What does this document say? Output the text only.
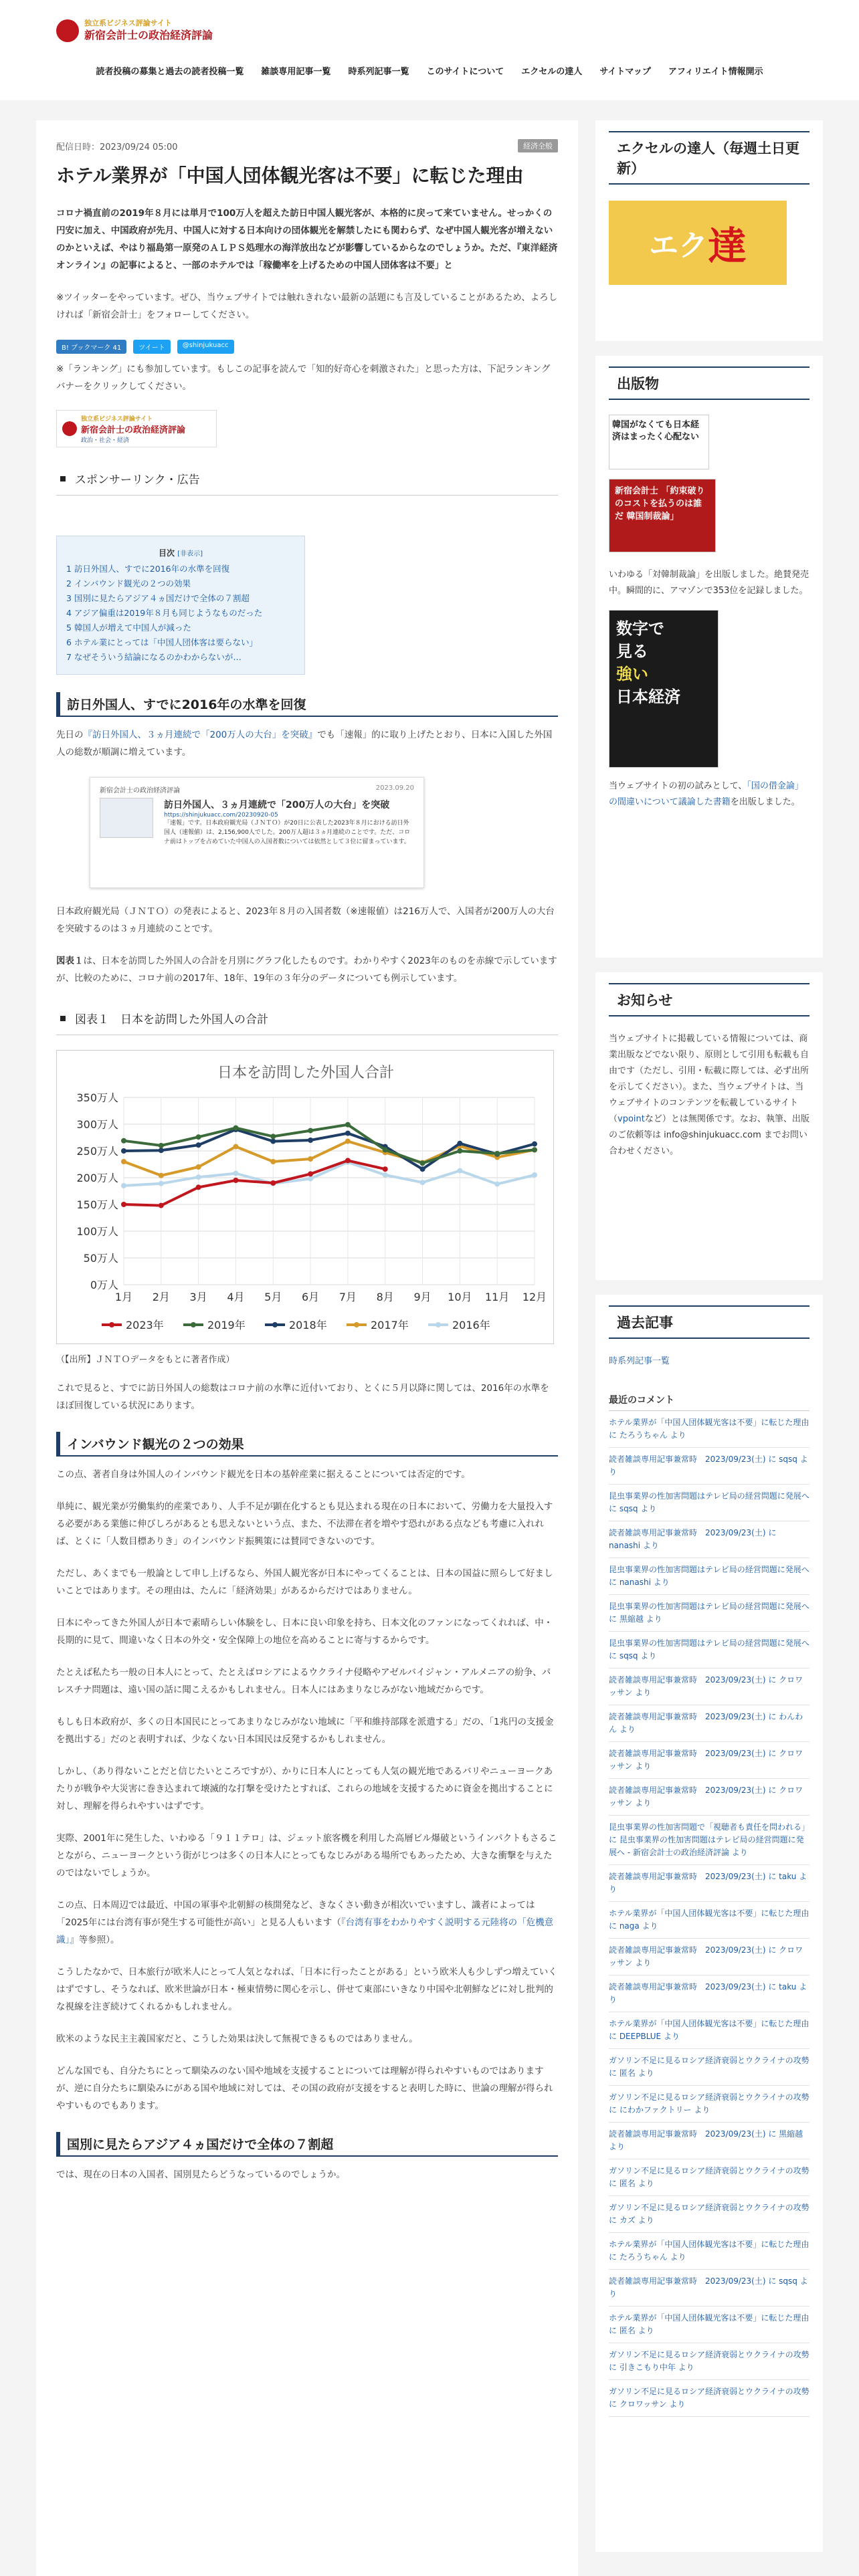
独立系ビジネス評論サイト
新宿会計士の政治経済評論
読者投稿の募集と過去の読者投稿一覧 雑談専用記事一覧 時系列記事一覧 このサイトについて エクセルの達人 サイトマップ アフィリエイト情報開示
配信日時：2023/09/24 05:00	経済全般
ホテル業界が「中国人団体観光客は不要」に転じた理由

コロナ禍直前の2019年８月には単月で100万人を超えた訪日中国人観光客が、本格的に戻って来ていません。せっかくの円安に加え、中国政府が先月、中国人に対する日本向けの団体観光を解禁したにも関わらず、なぜ中国人観光客が増えないのかといえば、やはり福島第一原発のＡＬＰＳ処理水の海洋放出などが影響しているからなのでしょうか。ただ、『東洋経済オンライン』の記事によると、一部のホテルでは「稼働率を上げるための中国人団体客は不要」と

※ツイッターをやっています。ぜひ、当ウェブサイトでは触れきれない最新の話題にも言及していることがあるため、よろしければ「新宿会計士」をフォローしてください。

B! ブックマーク 41	ツイート	@shinjukuacc

※「ランキング」にも参加しています。もしこの記事を読んで「知的好奇心を刺激された」と思った方は、下記ランキングバナーをクリックしてください。

独立系ビジネス評論サイト
新宿会計士の政治経済評論
政治・社会・経済
スポンサーリンク・広告
目次 [非表示]
1 訪日外国人、すでに2016年の水準を回復
2 インバウンド観光の２つの効果
3 国別に見たらアジア４ヵ国だけで全体の７割超
4 アジア偏重は2019年８月も同じようなものだった
5 韓国人が増えて中国人が減った
6 ホテル業にとっては「中国人団体客は要らない」
7 なぜそういう結論になるのかわからないが…
訪日外国人、すでに2016年の水準を回復

先日の『訪日外国人、３ヵ月連続で「200万人の大台」を突破』でも「速報」的に取り上げたとおり、日本に入国した外国人の総数が順調に増えています。

新宿会計士の政治経済評論	2023.09.20
訪日外国人、３ヵ月連続で「200万人の大台」を突破
https://shinjukuacc.com/20230920-05
「速報」です。日本政府観光局（ＪＮＴＯ）が20日に公表した2023年８月における訪日外国人（速報値）は、2,156,900人でした。200万人超は３ヵ月連続のことです。ただ、コロナ前はトップを占めていた中国人の入国者数については依然として３位に留まっています。

日本政府観光局（ＪＮＴＯ）の発表によると、2023年８月の入国者数（※速報値）は216万人で、入国者が200万人の大台を突破するのは３ヵ月連続のことです。

図表１は、日本を訪問した外国人の合計を月別にグラフ化したものです。わかりやすく2023年のものを赤線で示していますが、比較のために、コロナ前の2017年、18年、19年の３年分のデータについても例示しています。

図表１　日本を訪問した外国人の合計
日本を訪問した外国人合計
0万人
50万人
100万人
150万人
200万人
250万人
300万人
350万人
1月 2月 3月 4月 5月 6月 7月 8月 9月 10月 11月 12月
2023年	2019年	2018年	2017年	2016年

（【出所】ＪＮＴＯデータをもとに著者作成）

これで見ると、すでに訪日外国人の総数はコロナ前の水準に近付いており、とくに５月以降に関しては、2016年の水準をほぼ回復している状況にあります。

インバウンド観光の２つの効果

この点、著者自身は外国人のインバウンド観光を日本の基幹産業に据えることについては否定的です。

単純に、観光業が労働集約的産業であり、人手不足が顕在化するとも見込まれる現在の日本において、労働力を大量投入する必要がある業態に伸びしろがあるとも思えないという点、また、不法滞在者を増やす恐れがある点なども考慮に入れれば、とくに「人数目標ありき」のインバウンド振興策には賛同できないのです。

ただし、あくまでも一般論として申し上げるなら、外国人観光客が日本にやってくることは、日本の国益に照らして好ましいことではあります。その理由は、たんに「経済効果」があるからだけではありません。

日本にやってきた外国人が日本で素晴らしい体験をし、日本に良い印象を持ち、日本文化のファンになってくれれば、中・長期的に見て、間違いなく日本の外交・安全保障上の地位を高めることに寄与するからです。

たとえば私たち一般の日本人にとって、たとえばロシアによるウクライナ侵略やアゼルバイジャン・アルメニアの紛争、パレスチナ問題は、遠い国の話に聞こえるかもしれません。日本人にはあまりなじみがない地域だからです。

もしも日本政府が、多くの日本国民にとってあまりなじみがない地域に「平和維持部隊を派遣する」だの、「1兆円の支援金を拠出する」だのと表明すれば、少なくない日本国民は反発するかもしれません。

しかし、（あり得ないことだと信じたいところですが）、かりに日本人にとっても人気の観光地であるバリやニューヨークあたりが戦争や大災害に巻き込まれて壊滅的な打撃を受けたとすれば、これらの地域を支援するために資金を拠出することに対し、理解を得られやすいはずです。

実際、2001年に発生した、いわゆる「９１１テロ」は、ジェット旅客機を利用した高層ビル爆破というインパクトもさることながら、ニューヨークという街がじつは多くの日本人にとってもなじみがある場所でもあったため、大きな衝撃を与えたのではないでしょうか。

この点、日本周辺では最近、中国の軍事や北朝鮮の核開発など、きなくさい動きが相次いでいますし、識者によっては「2025年には台湾有事が発生する可能性が高い」と見る人もいます（『台湾有事をわかりやすく説明する元陸将の「危機意識」』等参照）。

こうしたなかで、日本旅行が欧米人にとって人気となれば、「日本に行ったことがある」という欧米人も少しずつ増えていくはずですし、そうなれば、欧米世論が日本・極東情勢に関心を示し、併せて東部にいきなり中国や北朝鮮などに対し批判的な視線を注ぎ続けてくれるかもしれません。

欧米のような民主主義国家だと、こうした効果は決して無視できるものではありません。

どんな国でも、自分たちにとって馴染みのない国や地域を支援することについては理解が得られやすいものではありますが、逆に自分たちに馴染みにがある国や地域に対しては、その国の政府が支援をすると表明した時に、世論の理解が得られやすいものでもあります。

国別に見たらアジア４ヵ国だけで全体の７割超

では、現在の日本の入国者、国別見たらどうなっているのでしょうか。

エクセルの達人（毎週土日更新）
エク 達
出版物
韓国がなくても日本経済はまったく心配ない
新宿会計士 「約束破りのコストを払うのは誰だ 韓国制裁論」

いわゆる「対韓制裁論」を出版しました。絶賛発売中。瞬間的に、アマゾンで353位を記録しました。

数字で
見る
強い
日本経済

当ウェブサイトの初の試みとして、「国の借金論」の間違いについて議論した書籍を出版しました。

お知らせ

当ウェブサイトに掲載している情報については、商業出版などでない限り、原則として引用も転載も自由です（ただし、引用・転載に際しては、必ず出所を示してください）。また、当ウェブサイトは、当ウェブサイトのコンテンツを転載しているサイト（vpointなど）とは無関係です。なお、執筆、出版のご依頼等は info@shinjukuacc.com までお問い合わせください。

過去記事
時系列記事一覧
最近のコメント
ホテル業界が「中国人団体観光客は不要」に転じた理由 に たろうちゃん より
読者雑談専用記事兼常時　2023/09/23(土) に sqsq より
昆虫事業界の性加害問題はテレビ局の経営問題に発展へ に sqsq より
読者雑談専用記事兼常時　2023/09/23(土) に nanashi より
昆虫事業界の性加害問題はテレビ局の経営問題に発展へ に nanashi より
昆虫事業界の性加害問題はテレビ局の経営問題に発展へ に 黒縮越 より
昆虫事業界の性加害問題はテレビ局の経営問題に発展へ に sqsq より
読者雑談専用記事兼常時　2023/09/23(土) に クロワッサン より
読者雑談専用記事兼常時　2023/09/23(土) に わんわん より
読者雑談専用記事兼常時　2023/09/23(土) に クロワッサン より
読者雑談専用記事兼常時　2023/09/23(土) に クロワッサン より
昆虫事業界の性加害問題で「視聴者も責任を問われる」に 昆虫事業界の性加害問題はテレビ局の経営問題に発展へ - 新宿会計士の政治経済評論 より
読者雑談専用記事兼常時　2023/09/23(土) に taku より
ホテル業界が「中国人団体観光客は不要」に転じた理由 に naga より
読者雑談専用記事兼常時　2023/09/23(土) に クロワッサン より
読者雑談専用記事兼常時　2023/09/23(土) に taku より
ホテル業界が「中国人団体観光客は不要」に転じた理由 に DEEPBLUE より
ガソリン不足に見るロシア経済衰弱とウクライナの攻勢 に 匿名 より
ガソリン不足に見るロシア経済衰弱とウクライナの攻勢 に にわかファクトリー より
読者雑談専用記事兼常時　2023/09/23(土) に 黒縮越 より
ガソリン不足に見るロシア経済衰弱とウクライナの攻勢 に 匿名 より
ガソリン不足に見るロシア経済衰弱とウクライナの攻勢 に カズ より
ホテル業界が「中国人団体観光客は不要」に転じた理由 に たろうちゃん より
読者雑談専用記事兼常時　2023/09/23(土) に sqsq より
ホテル業界が「中国人団体観光客は不要」に転じた理由 に 匿名 より
ガソリン不足に見るロシア経済衰弱とウクライナの攻勢 に 引きこもり中年 より
ガソリン不足に見るロシア経済衰弱とウクライナの攻勢 に クロワッサン より
